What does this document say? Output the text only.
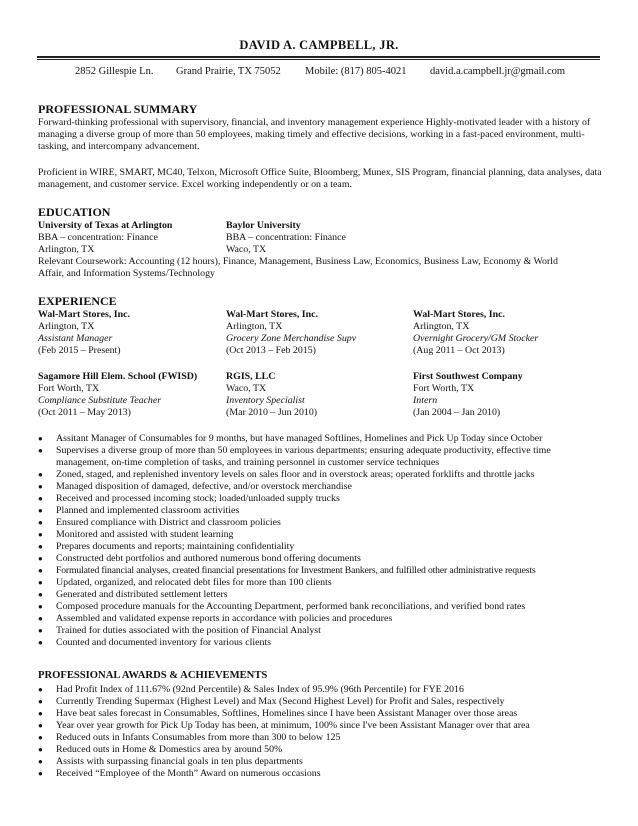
DAVID A. CAMPBELL, JR.
2852 Gillespie Ln. Grand Prairie, TX 75052 Mobile: (817) 805-4021 david.a.campbell.jr@gmail.com
PROFESSIONAL SUMMARY
Forward-thinking professional with supervisory, financial, and inventory management experience Highly-motivated leader with a history of managing a diverse group of more than 50 employees, making timely and effective decisions, working in a fast-paced environment, multi-tasking, and intercompany advancement.
Proficient in WIRE, SMART, MC40, Telxon, Microsoft Office Suite, Bloomberg, Munex, SIS Program, financial planning, data analyses, data management, and customer service. Excel working independently or on a team.
EDUCATION
University of Texas at Arlington
BBA – concentration: Finance
Arlington, TX
Baylor University
BBA – concentration: Finance
Waco, TX
Relevant Coursework: Accounting (12 hours), Finance, Management, Business Law, Economics, Business Law, Economy & World
Affair, and Information Systems/Technology
EXPERIENCE
Wal-Mart Stores, Inc.
Arlington, TX
Assistant Manager
(Feb 2015 – Present)
Wal-Mart Stores, Inc.
Arlington, TX
Grocery Zone Merchandise Supv
(Oct 2013 – Feb 2015)
Wal-Mart Stores, Inc.
Arlington, TX
Overnight Grocery/GM Stocker
(Aug 2011 – Oct 2013)
Sagamore Hill Elem. School (FWISD)
Fort Worth, TX
Compliance Substitute Teacher
(Oct 2011 – May 2013)
RGIS, LLC
Waco, TX
Inventory Specialist
(Mar 2010 – Jun 2010)
First Southwest Company
Fort Worth, TX
Intern
(Jan 2004 – Jan 2010)
● Assitant Manager of Consumables for 9 months, but have managed Softlines, Homelines and Pick Up Today since October
● Supervises a diverse group of more than 50 employees in various departments; ensuring adequate productivity, effective time management, on-time completion of tasks, and training personnel in customer service techniques
● Zoned, staged, and replenished inventory levels on sales floor and in overstock areas; operated forklifts and throttle jacks
● Managed disposition of damaged, defective, and/or overstock merchandise
● Received and processed incoming stock; loaded/unloaded supply trucks
● Planned and implemented classroom activities
● Ensured compliance with District and classroom policies
● Monitored and assisted with student learning
● Prepares documents and reports; maintaining confidentiality
● Constructed debt portfolios and authored numerous bond offering documents
● Formulated financial analyses, created financial presentations for Investment Bankers, and fulfilled other administrative requests
● Updated, organized, and relocated debt files for more than 100 clients
● Generated and distributed settlement letters
● Composed procedure manuals for the Accounting Department, performed bank reconciliations, and verified bond rates
● Assembled and validated expense reports in accordance with policies and procedures
● Trained for duties associated with the position of Financial Analyst
● Counted and documented inventory for various clients
PROFESSIONAL AWARDS & ACHIEVEMENTS
● Had Profit Index of 111.67% (92nd Percentile) & Sales Index of 95.9% (96th Percentile) for FYE 2016
● Currently Trending Supermax (Highest Level) and Max (Second Highest Level) for Profit and Sales, respectively
● Have beat sales forecast in Consumables, Softlines, Homelines since I have been Assistant Manager over those areas
● Year over year growth for Pick Up Today has been, at minimum, 100% since I've been Assistant Manager over that area
● Reduced outs in Infants Consumables from more than 300 to below 125
● Reduced outs in Home & Domestics area by around 50%
● Assists with surpassing financial goals in ten plus departments
● Received “Employee of the Month” Award on numerous occasions
